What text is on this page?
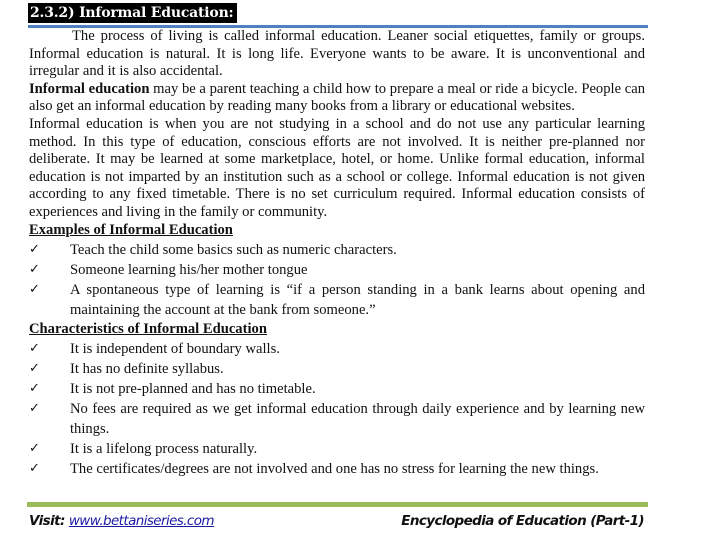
2.3.2) Informal Education:

The process of living is called informal education. Leaner social etiquettes, family or groups. Informal education is natural. It is long life. Everyone wants to be aware. It is unconventional and irregular and it is also accidental.

Informal education may be a parent teaching a child how to prepare a meal or ride a bicycle. People can also get an informal education by reading many books from a library or educational websites.

Informal education is when you are not studying in a school and do not use any particular learning method. In this type of education, conscious efforts are not involved. It is neither pre-planned nor deliberate. It may be learned at some marketplace, hotel, or home. Unlike formal education, informal education is not imparted by an institution such as a school or college. Informal education is not given according to any fixed timetable. There is no set curriculum required. Informal education consists of experiences and living in the family or community.

Examples of Informal Education
✓ Teach the child some basics such as numeric characters.
✓ Someone learning his/her mother tongue
✓ A spontaneous type of learning is “if a person standing in a bank learns about opening and maintaining the account at the bank from someone.”
Characteristics of Informal Education
✓ It is independent of boundary walls.
✓ It has no definite syllabus.
✓ It is not pre-planned and has no timetable.
✓ No fees are required as we get informal education through daily experience and by learning new things.
✓ It is a lifelong process naturally.
✓ The certificates/degrees are not involved and one has no stress for learning the new things.
Visit: www.bettaniseries.com	Encyclopedia of Education (Part-1)
